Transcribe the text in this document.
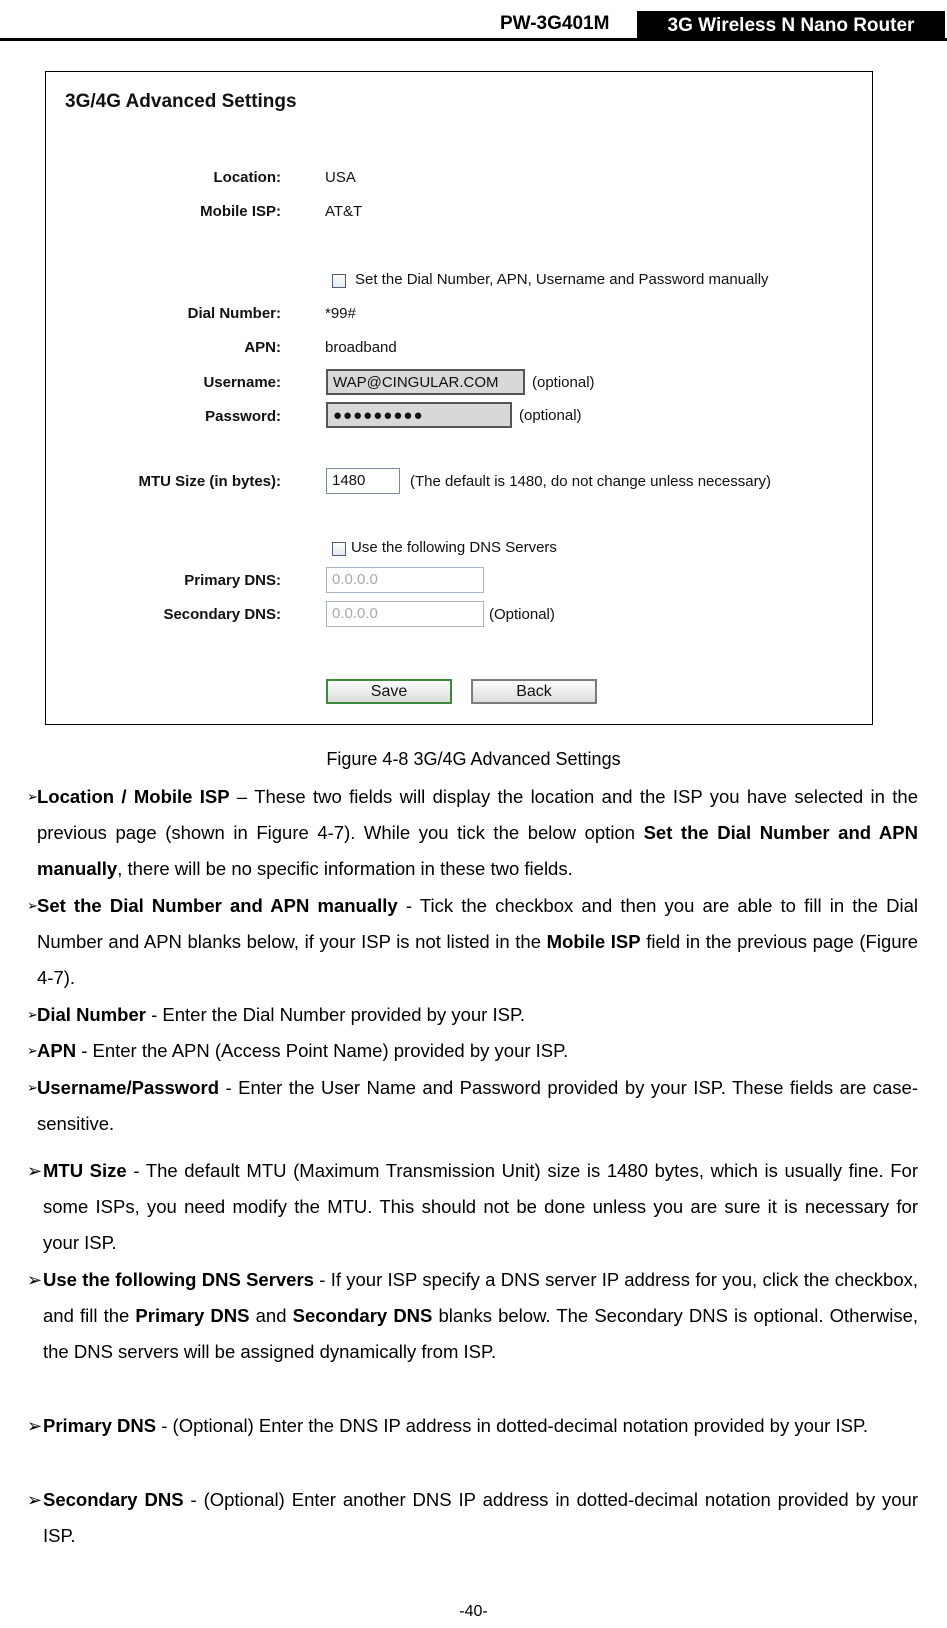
PW-3G401M	3G Wireless N Nano Router
3G/4G Advanced Settings
Location:	USA
Mobile ISP:	AT&T
Set the Dial Number, APN, Username and Password manually
Dial Number:	*99#
APN:	broadband
Username:	WAP@CINGULAR.COM	(optional)
Password:	●●●●●●●●●	(optional)
MTU Size (in bytes):	1480	(The default is 1480, do not change unless necessary)
Use the following DNS Servers
Primary DNS:	0.0.0.0
Secondary DNS:	0.0.0.0	(Optional)
Save	Back
Figure 4-8 3G/4G Advanced Settings
➢ Location / Mobile ISP – These two fields will display the location and the ISP you have selected in the previous page (shown in Figure 4-7). While you tick the below option Set the Dial Number and APN manually, there will be no specific information in these two fields.
➢ Set the Dial Number and APN manually - Tick the checkbox and then you are able to fill in the Dial Number and APN blanks below, if your ISP is not listed in the Mobile ISP field in the previous page (Figure 4-7).
➢ Dial Number - Enter the Dial Number provided by your ISP.
➢ APN - Enter the APN (Access Point Name) provided by your ISP.
➢ Username/Password - Enter the User Name and Password provided by your ISP. These fields are case-sensitive.
➢ MTU Size - The default MTU (Maximum Transmission Unit) size is 1480 bytes, which is usually fine. For some ISPs, you need modify the MTU. This should not be done unless you are sure it is necessary for your ISP.
➢ Use the following DNS Servers - If your ISP specify a DNS server IP address for you, click the checkbox, and fill the Primary DNS and Secondary DNS blanks below. The Secondary DNS is optional. Otherwise, the DNS servers will be assigned dynamically from ISP.
➢ Primary DNS - (Optional) Enter the DNS IP address in dotted-decimal notation provided by your ISP.
➢ Secondary DNS - (Optional) Enter another DNS IP address in dotted-decimal notation provided by your ISP.
-40-
